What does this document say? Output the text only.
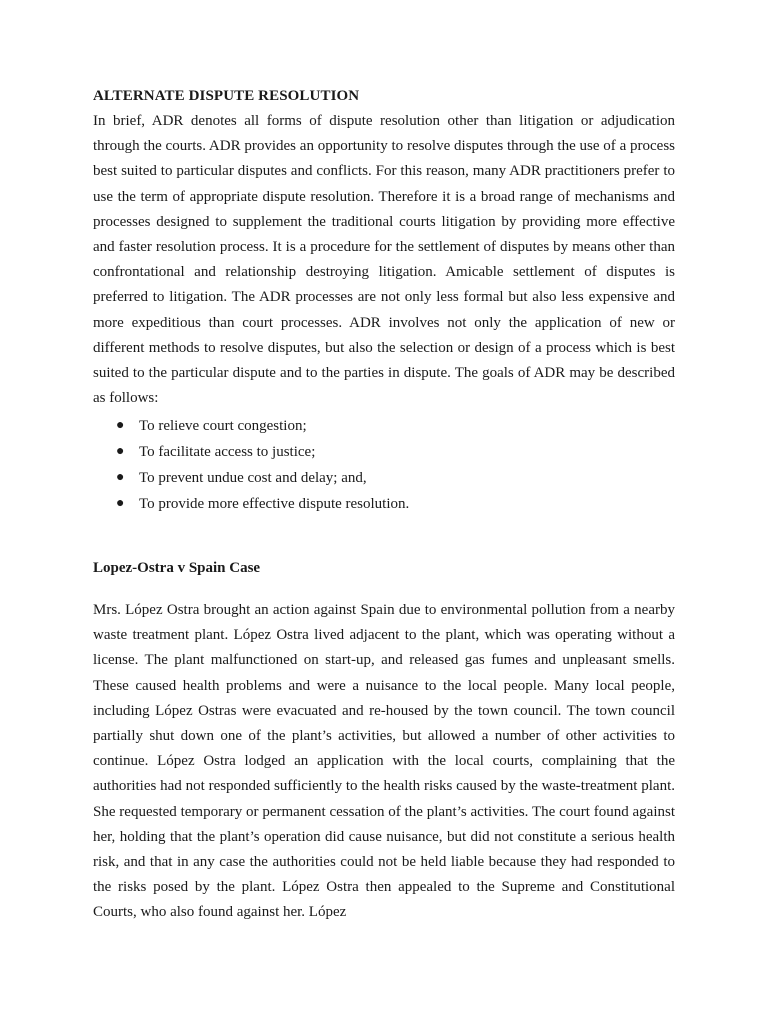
ALTERNATE DISPUTE RESOLUTION

In brief, ADR denotes all forms of dispute resolution other than litigation or adjudication through the courts. ADR provides an opportunity to resolve disputes through the use of a process best suited to particular disputes and conflicts. For this reason, many ADR practitioners prefer to use the term of appropriate dispute resolution. Therefore it is a broad range of mechanisms and processes designed to supplement the traditional courts litigation by providing more effective and faster resolution process. It is a procedure for the settlement of disputes by means other than confrontational and relationship destroying litigation. Amicable settlement of disputes is preferred to litigation. The ADR processes are not only less formal but also less expensive and more expeditious than court processes. ADR involves not only the application of new or different methods to resolve disputes, but also the selection or design of a process which is best suited to the particular dispute and to the parties in dispute. The goals of ADR may be described as follows:

● To relieve court congestion;
● To facilitate access to justice;
● To prevent undue cost and delay; and,
● To provide more effective dispute resolution.
Lopez-Ostra v Spain Case

Mrs. López Ostra brought an action against Spain due to environmental pollution from a nearby waste treatment plant. López Ostra lived adjacent to the plant, which was operating without a license. The plant malfunctioned on start-up, and released gas fumes and unpleasant smells. These caused health problems and were a nuisance to the local people. Many local people, including López Ostras were evacuated and re-housed by the town council. The town council partially shut down one of the plant’s activities, but allowed a number of other activities to continue. López Ostra lodged an application with the local courts, complaining that the authorities had not responded sufficiently to the health risks caused by the waste-treatment plant. She requested temporary or permanent cessation of the plant’s activities. The court found against her, holding that the plant’s operation did cause nuisance, but did not constitute a serious health risk, and that in any case the authorities could not be held liable because they had responded to the risks posed by the plant. López Ostra then appealed to the Supreme and Constitutional Courts, who also found against her. López
